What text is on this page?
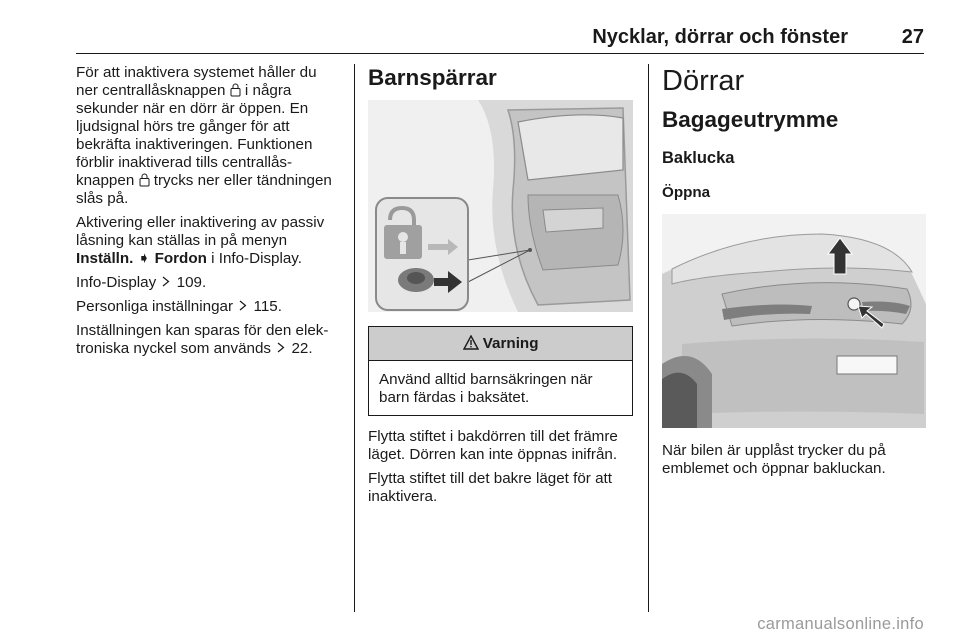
Nycklar, dörrar och fönster	27

För att inaktivera systemet håller du ner centrallåsknappen i några sekunder när en dörr är öppen. En ljudsignal hörs tre gånger för att bekräfta inaktiveringen. Funktionen förblir inaktiverad tills centrallås-knappen trycks ner eller tändningen slås på.

Aktivering eller inaktivering av passiv låsning kan ställas in på menyn
Inställn. ➧ Fordon i Info-Display.

Info-Display 109.

Personliga inställningar 115.

Inställningen kan sparas för den elek-troniska nyckel som används 22.

Barnspärrar
Varning
Använd alltid barnsäkringen när barn färdas i baksätet.

Flytta stiftet i bakdörren till det främre läget. Dörren kan inte öppnas inifrån.

Flytta stiftet till det bakre läget för att inaktivera.

Dörrar
Bagageutrymme
Baklucka
Öppna

När bilen är upplåst trycker du på emblemet och öppnar bakluckan.

carmanualsonline.info
